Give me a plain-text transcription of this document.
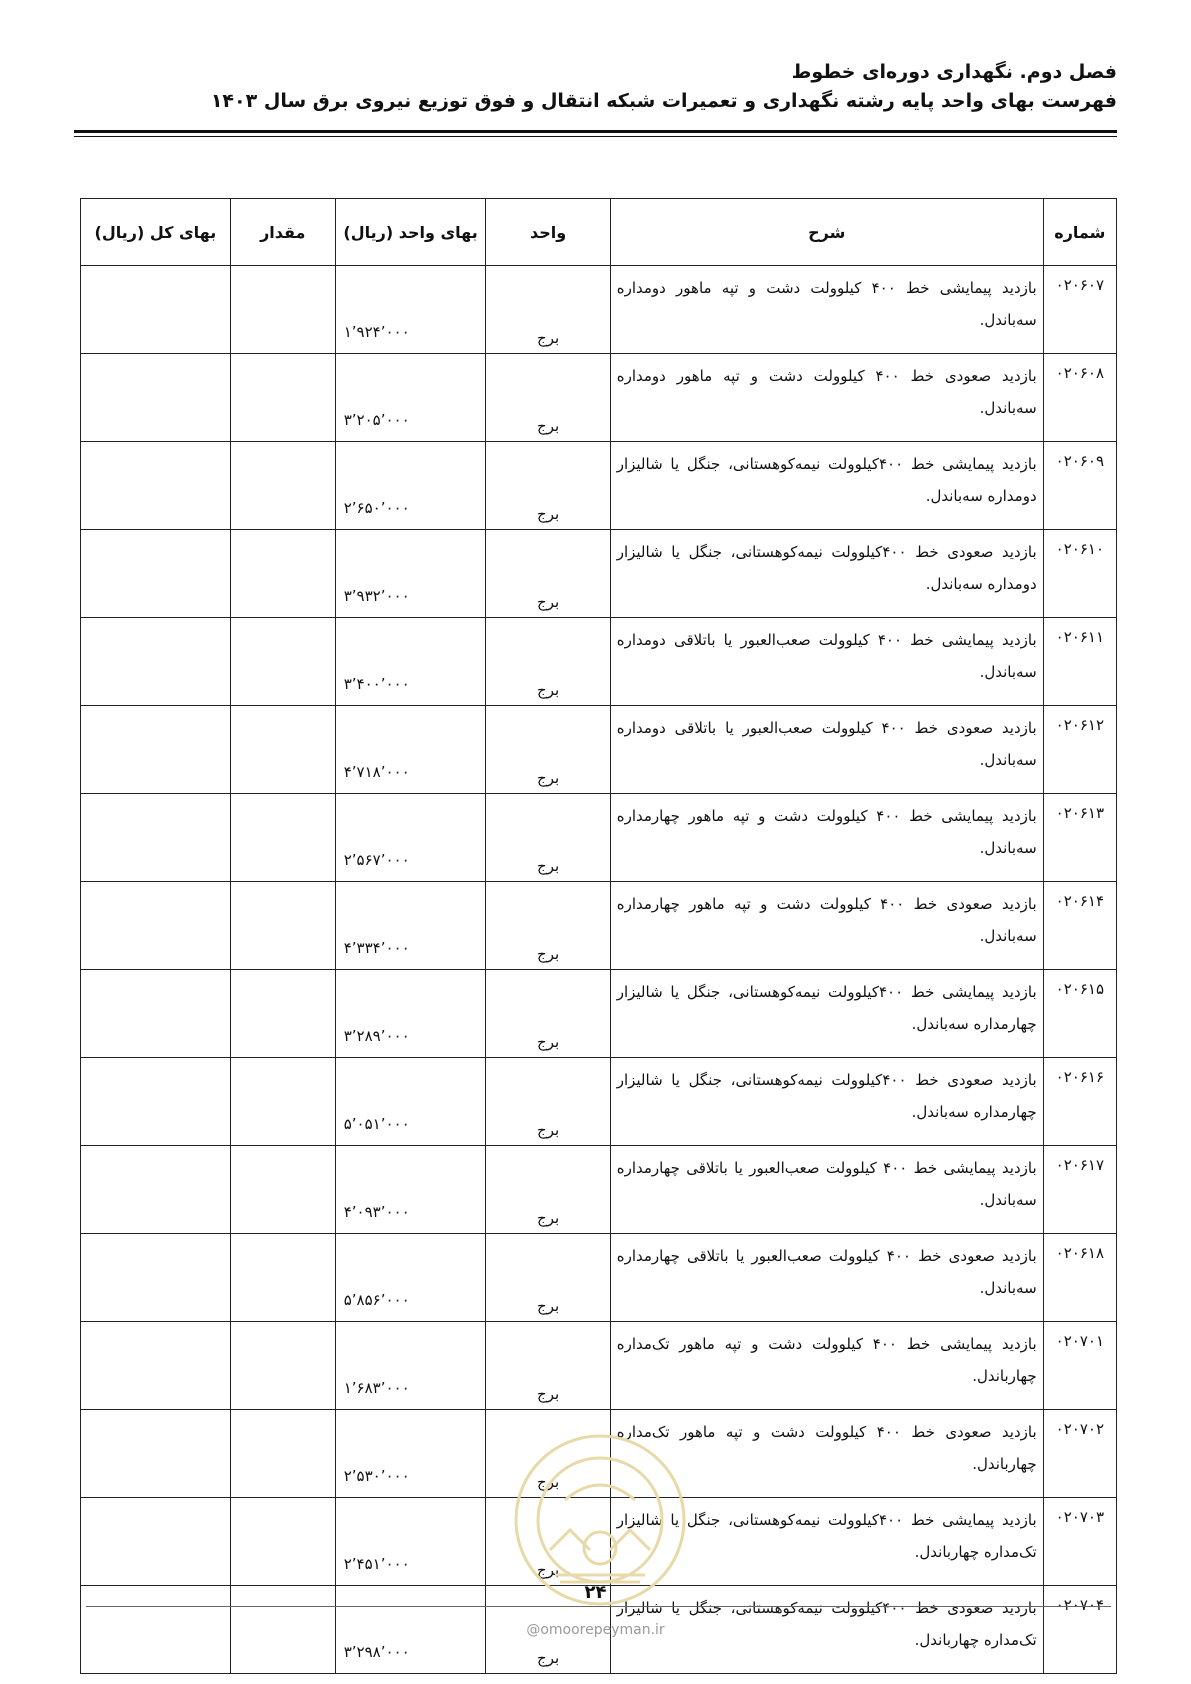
فصل دوم. نگهداری دوره‌ای خطوط
فهرست بهای واحد پایه رشته نگهداری و تعمیرات شبکه انتقال و فوق توزیع نیروی برق سال ۱۴۰۳
شماره	شرح	واحد	بهای واحد (ریال)	مقدار	بهای کل (ریال)
۰۲۰۶۰۷	بازدید پیمایشی خط ۴۰۰ کیلوولت دشت و تپه ماهور دومداره سه‌باندل.	برج	۱٬۹۲۴٬۰۰۰		
۰۲۰۶۰۸	بازدید صعودی خط ۴۰۰ کیلوولت دشت و تپه ماهور دومداره سه‌باندل.	برج	۳٬۲۰۵٬۰۰۰		
۰۲۰۶۰۹	بازدید پیمایشی خط ۴۰۰کیلوولت نیمه‌کوهستانی، جنگل یا شالیزار دومداره سه‌باندل.	برج	۲٬۶۵۰٬۰۰۰		
۰۲۰۶۱۰	بازدید صعودی خط ۴۰۰کیلوولت نیمه‌کوهستانی، جنگل یا شالیزار دومداره سه‌باندل.	برج	۳٬۹۳۲٬۰۰۰		
۰۲۰۶۱۱	بازدید پیمایشی خط ۴۰۰ کیلوولت صعب‌العبور یا باتلاقی دومداره سه‌باندل.	برج	۳٬۴۰۰٬۰۰۰		
۰۲۰۶۱۲	بازدید صعودی خط ۴۰۰ کیلوولت صعب‌العبور یا باتلاقی دومداره سه‌باندل.	برج	۴٬۷۱۸٬۰۰۰		
۰۲۰۶۱۳	بازدید پیمایشی خط ۴۰۰ کیلوولت دشت و تپه ماهور چهارمداره سه‌باندل.	برج	۲٬۵۶۷٬۰۰۰		
۰۲۰۶۱۴	بازدید صعودی خط ۴۰۰ کیلوولت دشت و تپه ماهور چهارمداره سه‌باندل.	برج	۴٬۳۳۴٬۰۰۰		
۰۲۰۶۱۵	بازدید پیمایشی خط ۴۰۰کیلوولت نیمه‌کوهستانی، جنگل یا شالیزار چهارمداره سه‌باندل.	برج	۳٬۲۸۹٬۰۰۰		
۰۲۰۶۱۶	بازدید صعودی خط ۴۰۰کیلوولت نیمه‌کوهستانی، جنگل یا شالیزار چهارمداره سه‌باندل.	برج	۵٬۰۵۱٬۰۰۰		
۰۲۰۶۱۷	بازدید پیمایشی خط ۴۰۰ کیلوولت صعب‌العبور یا باتلاقی چهارمداره سه‌باندل.	برج	۴٬۰۹۳٬۰۰۰		
۰۲۰۶۱۸	بازدید صعودی خط ۴۰۰ کیلوولت صعب‌العبور یا باتلاقی چهارمداره سه‌باندل.	برج	۵٬۸۵۶٬۰۰۰		
۰۲۰۷۰۱	بازدید پیمایشی خط ۴۰۰ کیلوولت دشت و تپه ماهور تک‌مداره چهارباندل.	برج	۱٬۶۸۳٬۰۰۰		
۰۲۰۷۰۲	بازدید صعودی خط ۴۰۰ کیلوولت دشت و تپه ماهور تک‌مداره چهارباندل.	برج	۲٬۵۳۰٬۰۰۰		
۰۲۰۷۰۳	بازدید پیمایشی خط ۴۰۰کیلوولت نیمه‌کوهستانی، جنگل یا شالیزار تک‌مداره چهارباندل.	برج	۲٬۴۵۱٬۰۰۰		
۰۲۰۷۰۴	بازدید صعودی خط ۴۰۰کیلوولت نیمه‌کوهستانی، جنگل یا شالیزار تک‌مداره چهارباندل.	برج	۳٬۲۹۸٬۰۰۰		
۲۴
@omoorepeyman.ir
